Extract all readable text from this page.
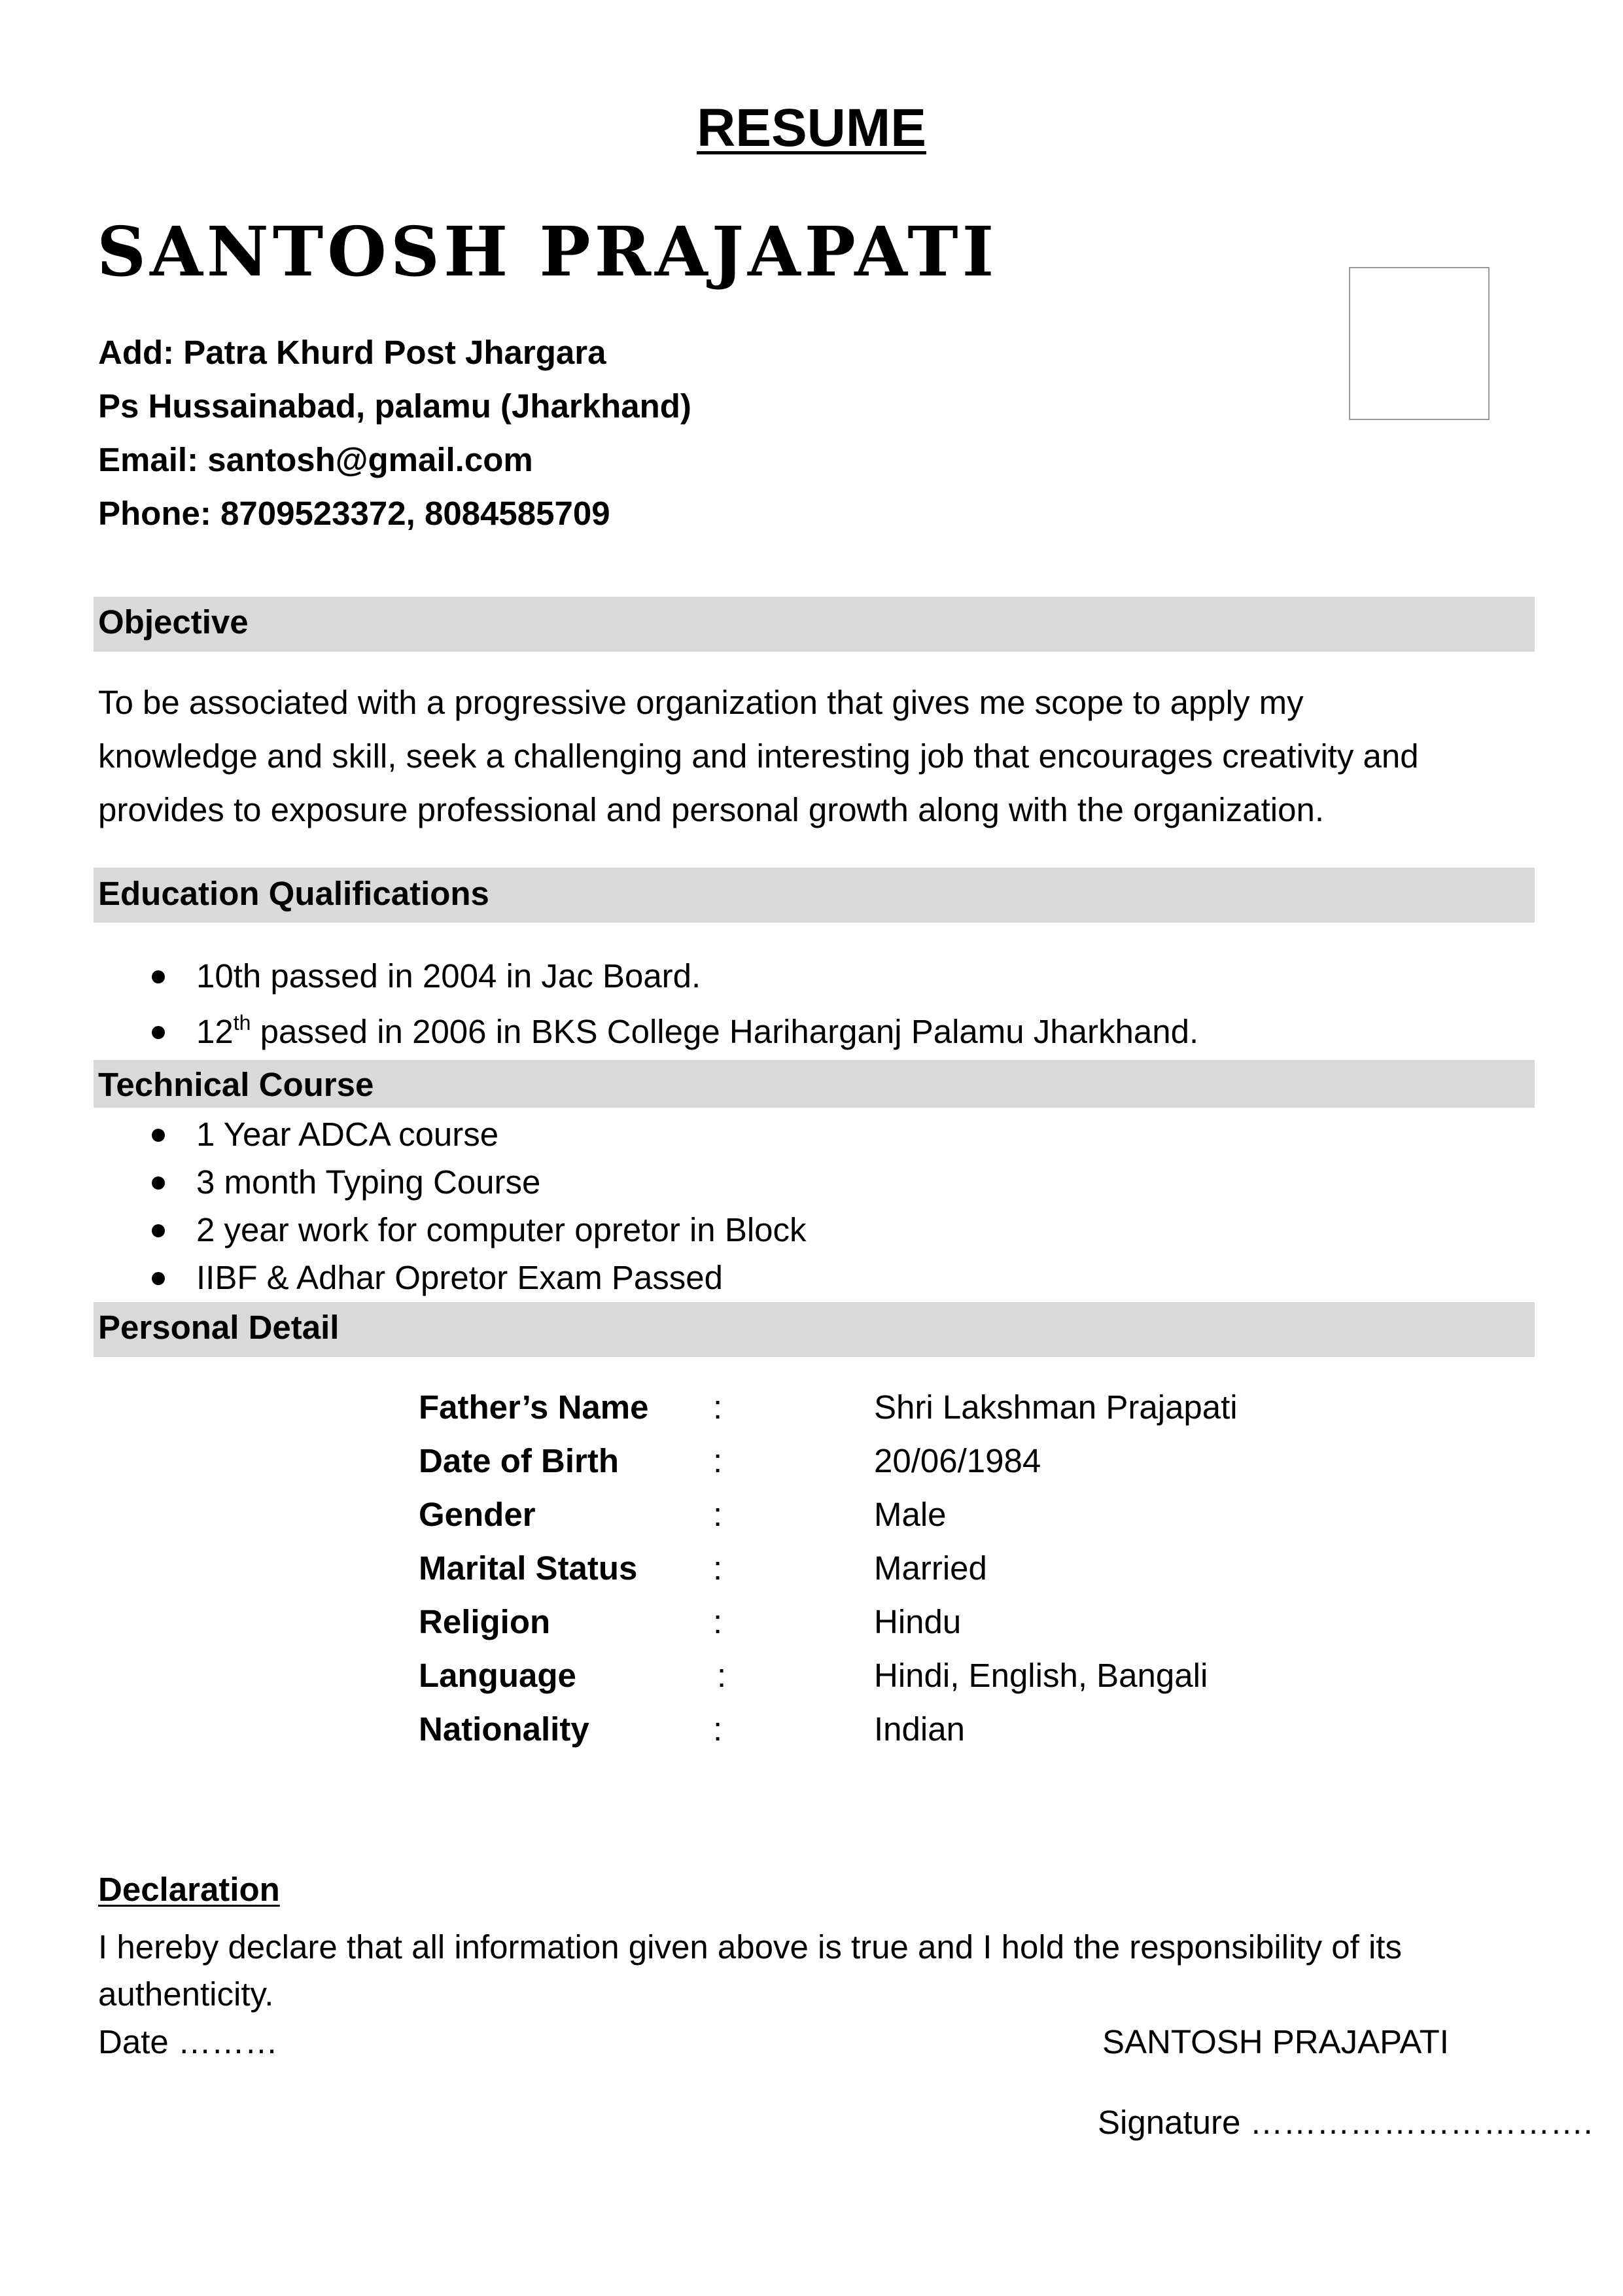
RESUME
SANTOSH PRAJAPATI
Add: Patra Khurd Post Jhargara
Ps Hussainabad, palamu (Jharkhand)
Email: santosh@gmail.com
Phone: 8709523372, 8084585709
Objective
To be associated with a progressive organization that gives me scope to apply my
knowledge and skill, seek a challenging and interesting job that encourages creativity and
provides to exposure professional and personal growth along with the organization.
Education Qualifications
10th passed in 2004 in Jac Board.
12th passed in 2006 in BKS College Hariharganj Palamu Jharkhand.
Technical Course
1 Year ADCA course
3 month Typing Course
2 year work for computer opretor in Block
IIBF & Adhar Opretor Exam Passed
Personal Detail
Father’s Name :	Shri Lakshman Prajapati
Date of Birth	:	20/06/1984
Gender	:	Male
Marital Status :	Married
Religion	:	Hindu
Language	:	Hindi, English, Bangali
Nationality	:	Indian
Declaration
I hereby declare that all information given above is true and I hold the responsibility of its
authenticity.
Date ………	SANTOSH PRAJAPATI
Signature ………………………….
